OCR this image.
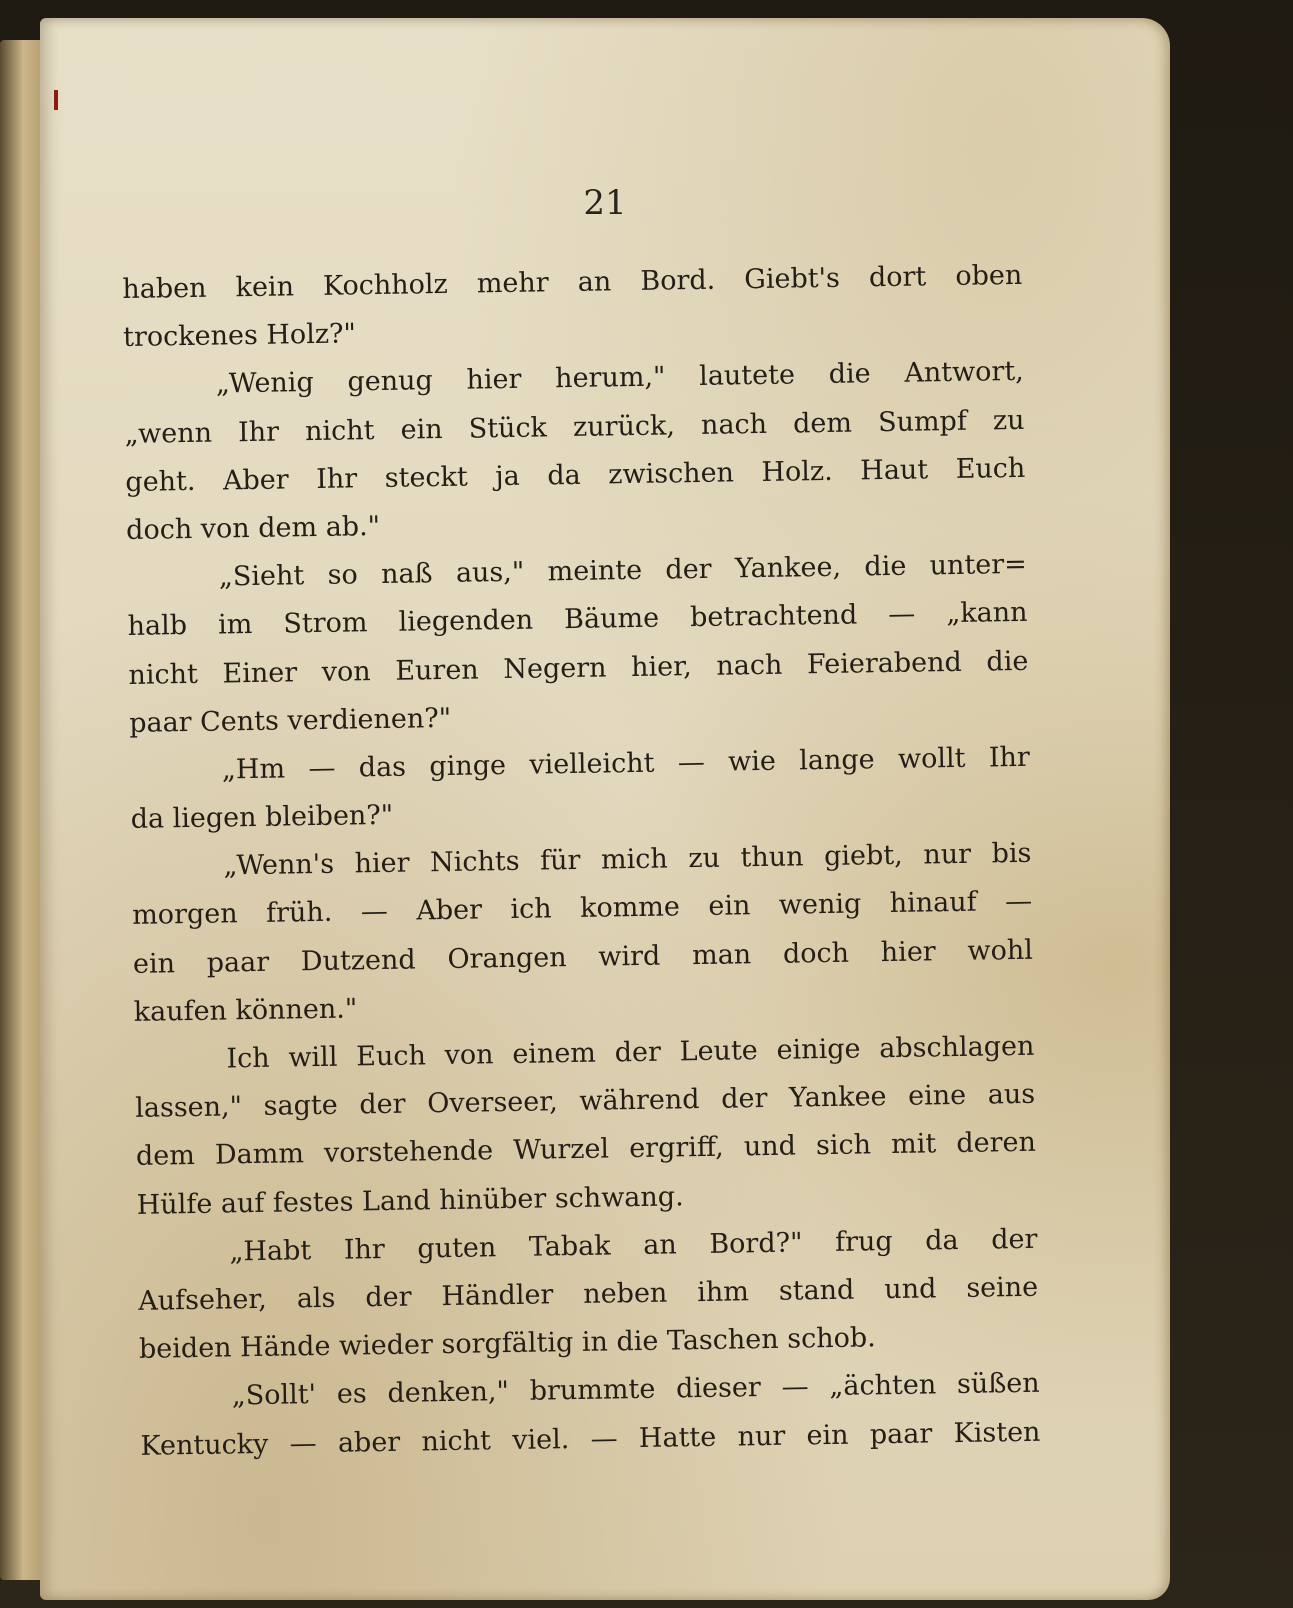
21
haben kein Kochholz mehr an Bord. Giebt's dort oben
trockenes Holz?"
„Wenig genug hier herum," lautete die Antwort,
„wenn Ihr nicht ein Stück zurück, nach dem Sumpf zu
geht. Aber Ihr steckt ja da zwischen Holz. Haut Euch
doch von dem ab."
„Sieht so naß aus," meinte der Yankee, die unter=
halb im Strom liegenden Bäume betrachtend — „kann
nicht Einer von Euren Negern hier, nach Feierabend die
paar Cents verdienen?"
„Hm — das ginge vielleicht — wie lange wollt Ihr
da liegen bleiben?"
„Wenn's hier Nichts für mich zu thun giebt, nur bis
morgen früh. — Aber ich komme ein wenig hinauf —
ein paar Dutzend Orangen wird man doch hier wohl
kaufen können."
Ich will Euch von einem der Leute einige abschlagen
lassen," sagte der Overseer, während der Yankee eine aus
dem Damm vorstehende Wurzel ergriff, und sich mit deren
Hülfe auf festes Land hinüber schwang.
„Habt Ihr guten Tabak an Bord?" frug da der
Aufseher, als der Händler neben ihm stand und seine
beiden Hände wieder sorgfältig in die Taschen schob.
„Sollt' es denken," brummte dieser — „ächten süßen
Kentucky — aber nicht viel. — Hatte nur ein paar Kisten
